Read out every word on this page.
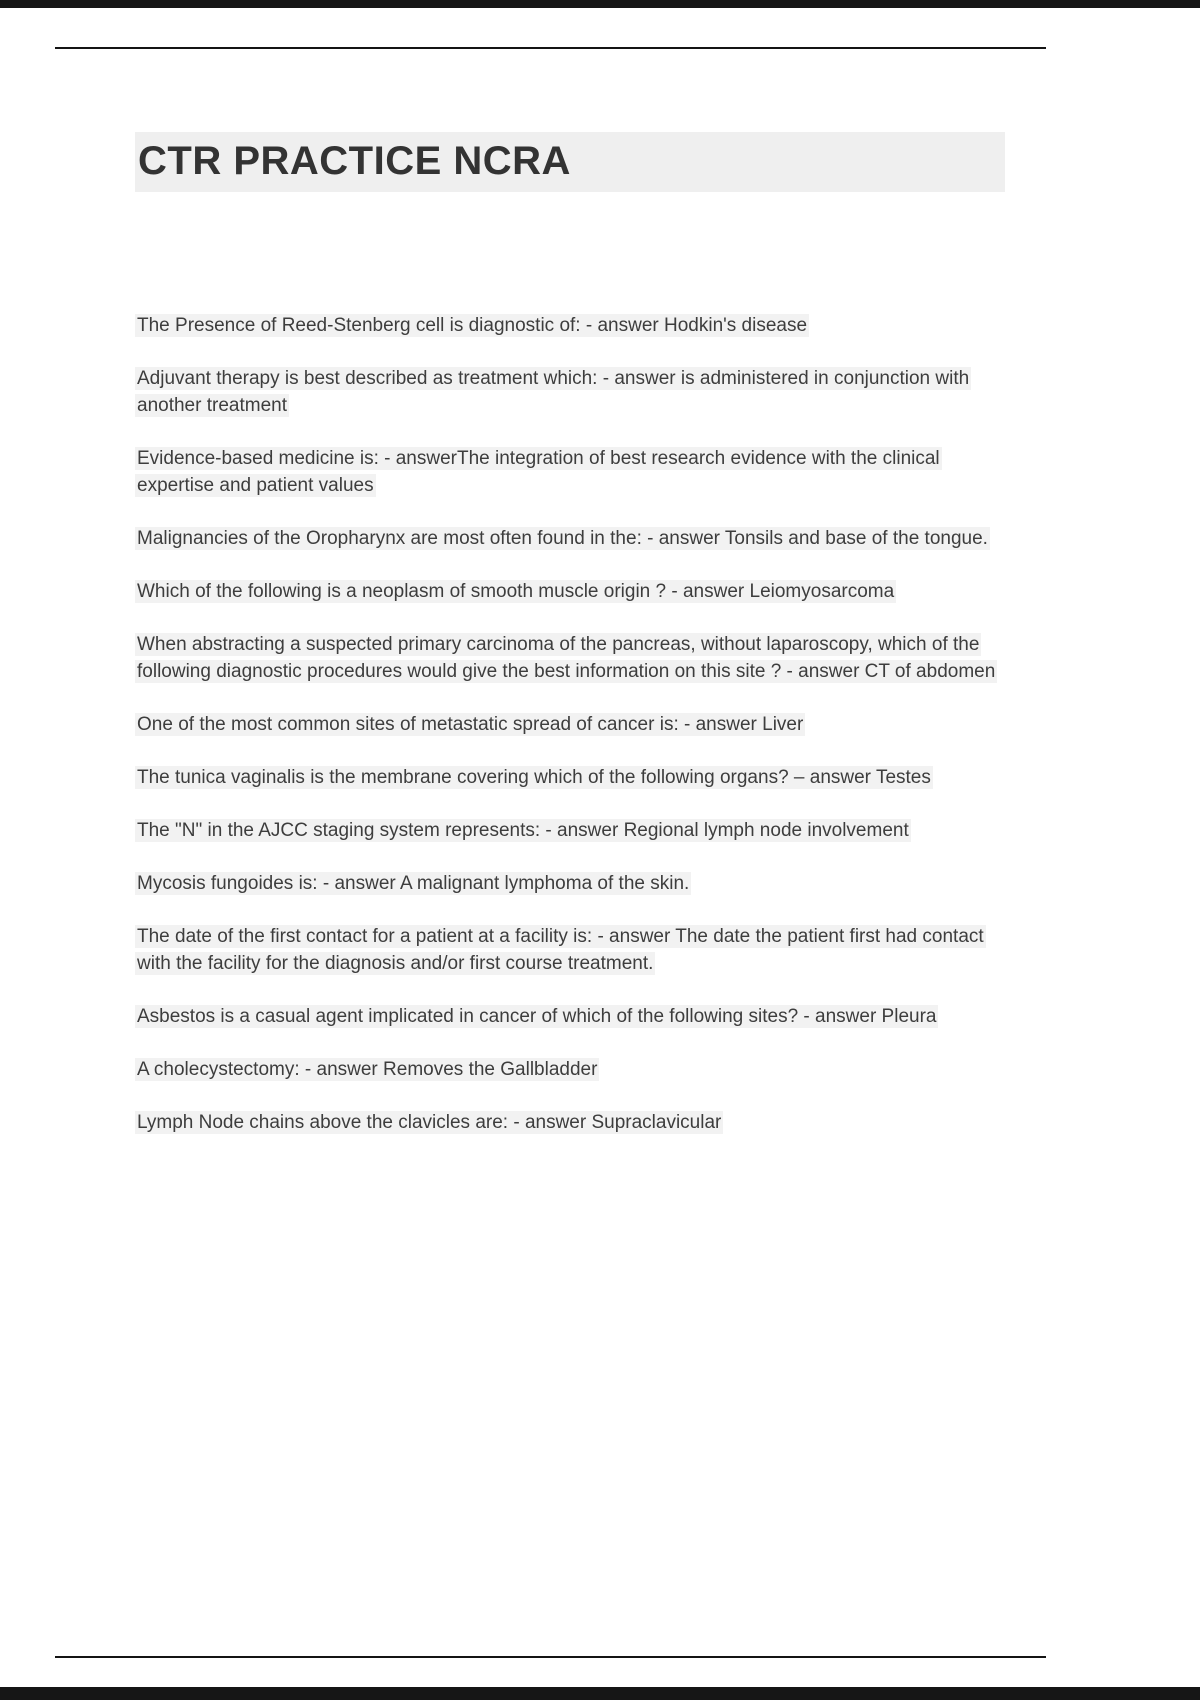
CTR PRACTICE NCRA

The Presence of Reed-Stenberg cell is diagnostic of: - answer Hodkin's disease

Adjuvant therapy is best described as treatment which: - answer is administered in conjunction with another treatment

Evidence-based medicine is: - answerThe integration of best research evidence with the clinical expertise and patient values

Malignancies of the Oropharynx are most often found in the: - answer Tonsils and base of the tongue.

Which of the following is a neoplasm of smooth muscle origin ? - answer Leiomyosarcoma

When abstracting a suspected primary carcinoma of the pancreas, without laparoscopy, which of the following diagnostic procedures would give the best information on this site ? - answer CT of abdomen

One of the most common sites of metastatic spread of cancer is: - answer Liver

The tunica vaginalis is the membrane covering which of the following organs? – answer Testes

The "N" in the AJCC staging system represents: - answer Regional lymph node involvement

Mycosis fungoides is: - answer A malignant lymphoma of the skin.

The date of the first contact for a patient at a facility is: - answer The date the patient first had contact with the facility for the diagnosis and/or first course treatment.

Asbestos is a casual agent implicated in cancer of which of the following sites? - answer Pleura

A cholecystectomy: - answer Removes the Gallbladder

Lymph Node chains above the clavicles are: - answer Supraclavicular
